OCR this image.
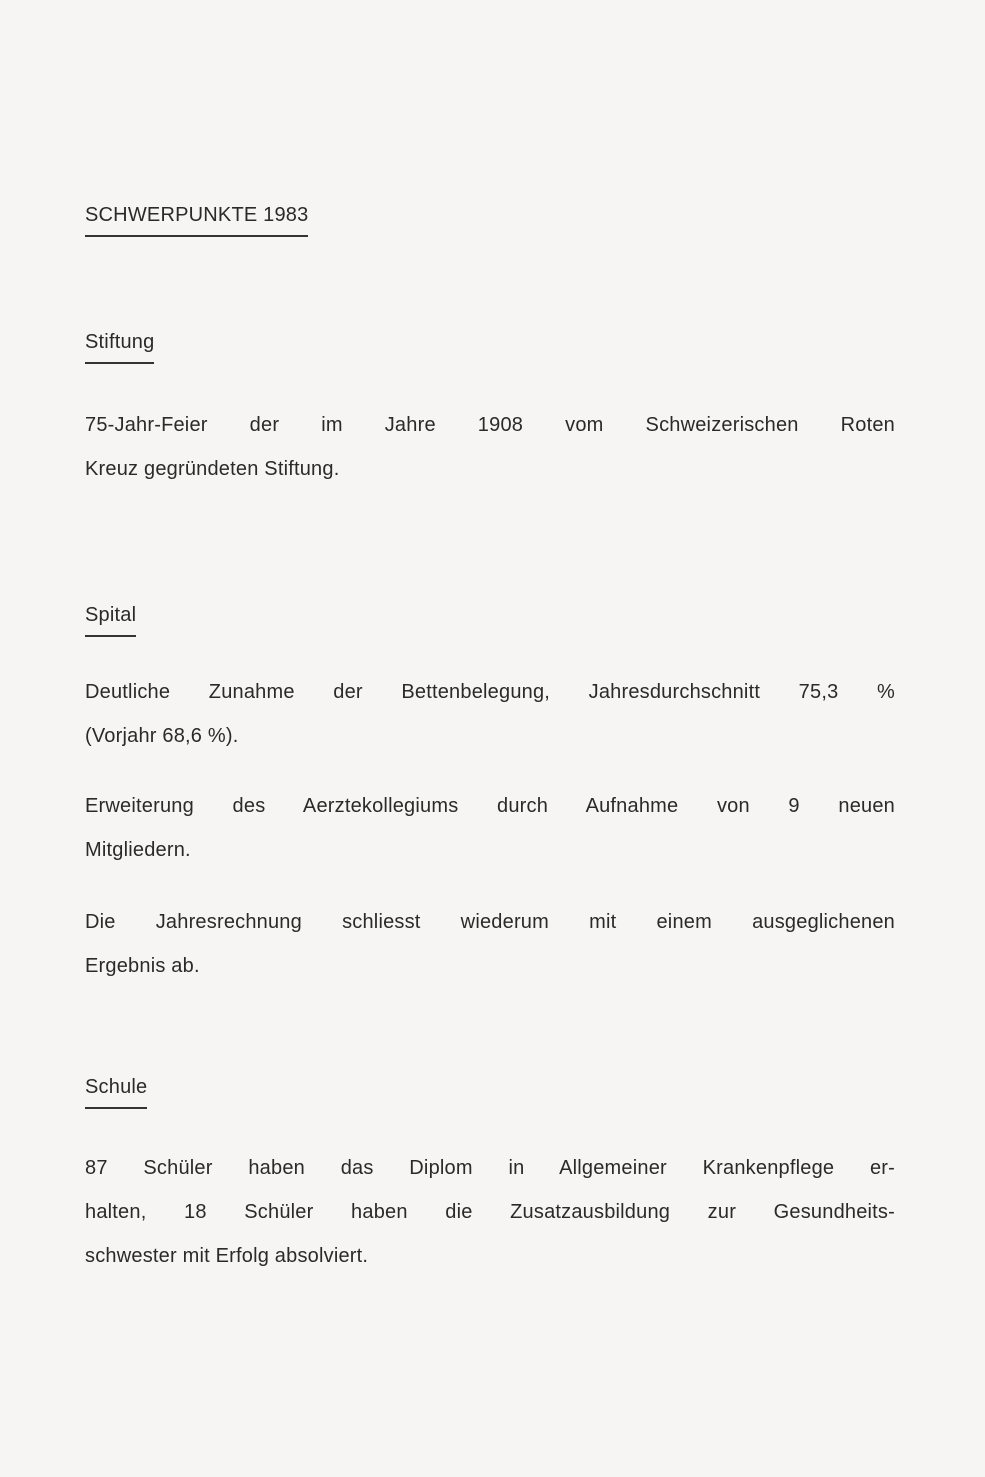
SCHWERPUNKTE 1983
Stiftung
75-Jahr-Feier der im Jahre 1908 vom Schweizerischen Roten
Kreuz gegründeten Stiftung.
Spital
Deutliche Zunahme der Bettenbelegung, Jahresdurchschnitt 75,3 %
(Vorjahr 68,6 %).
Erweiterung des Aerztekollegiums durch Aufnahme von 9 neuen
Mitgliedern.
Die Jahresrechnung schliesst wiederum mit einem ausgeglichenen
Ergebnis ab.
Schule
87 Schüler haben das Diplom in Allgemeiner Krankenpflege er-
halten, 18 Schüler haben die Zusatzausbildung zur Gesundheits-
schwester mit Erfolg absolviert.
